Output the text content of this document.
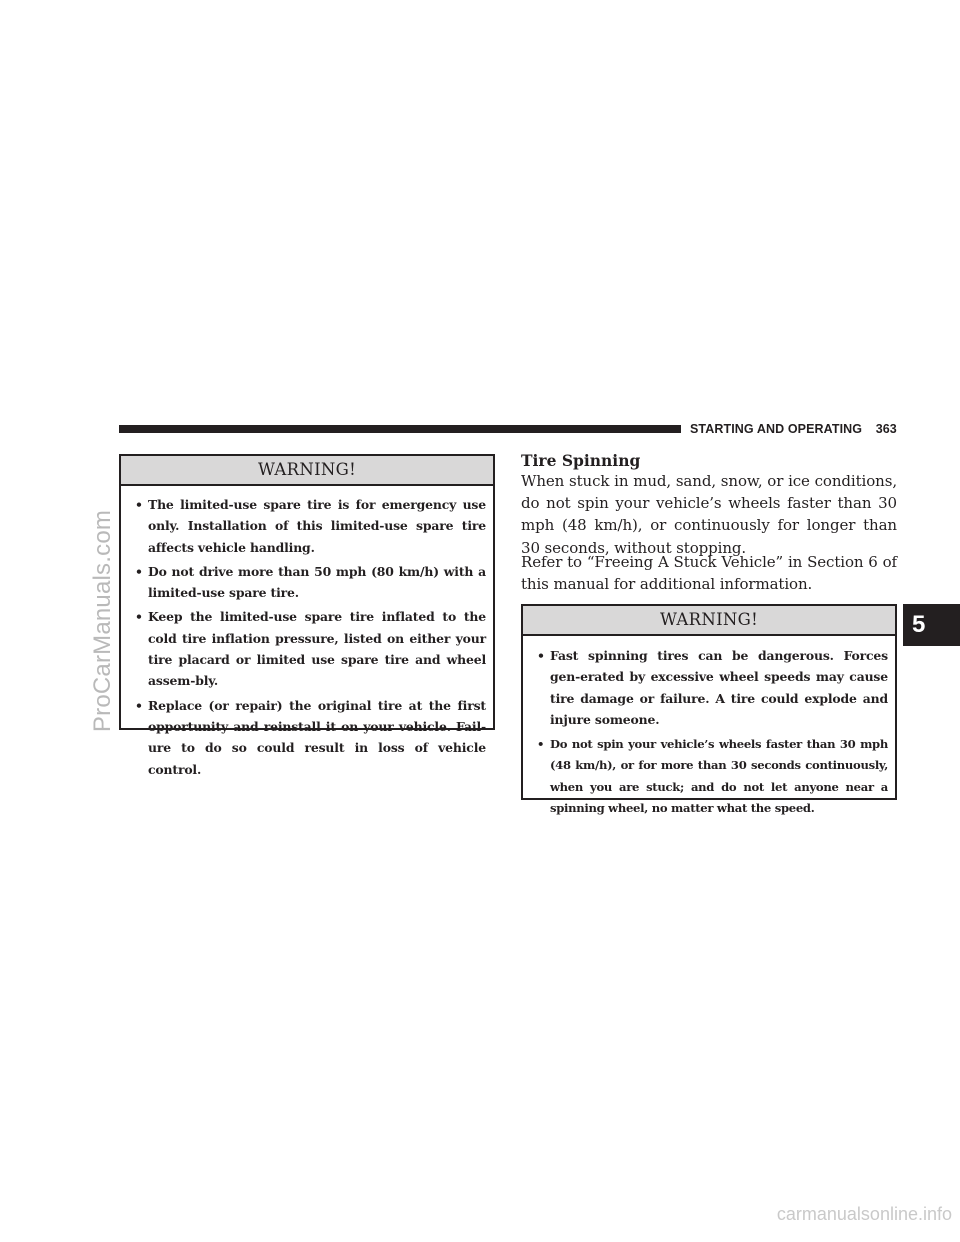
STARTING AND OPERATING 363
WARNING!
• The limited-use spare tire is for emergency use only. Installation of this limited-use spare tire affects vehicle handling.
• Do not drive more than 50 mph (80 km/h) with a limited-use spare tire.
• Keep the limited-use spare tire inflated to the cold tire inflation pressure, listed on either your tire placard or limited use spare tire and wheel assem-bly.
• Replace (or repair) the original tire at the first opportunity and reinstall it on your vehicle. Fail-ure to do so could result in loss of vehicle control.
Tire Spinning

When stuck in mud, sand, snow, or ice conditions, do not spin your vehicle’s wheels faster than 30 mph (48 km/h), or continuously for longer than 30 seconds, without stopping.

Refer to “Freeing A Stuck Vehicle” in Section 6 of this manual for additional information.

WARNING!
• Fast spinning tires can be dangerous. Forces gen-erated by excessive wheel speeds may cause tire damage or failure. A tire could explode and injure someone.
• Do not spin your vehicle’s wheels faster than 30 mph (48 km/h), or for more than 30 seconds continuously, when you are stuck; and do not let anyone near a spinning wheel, no matter what the speed.
5
ProCarManuals.com
carmanualsonline.info
